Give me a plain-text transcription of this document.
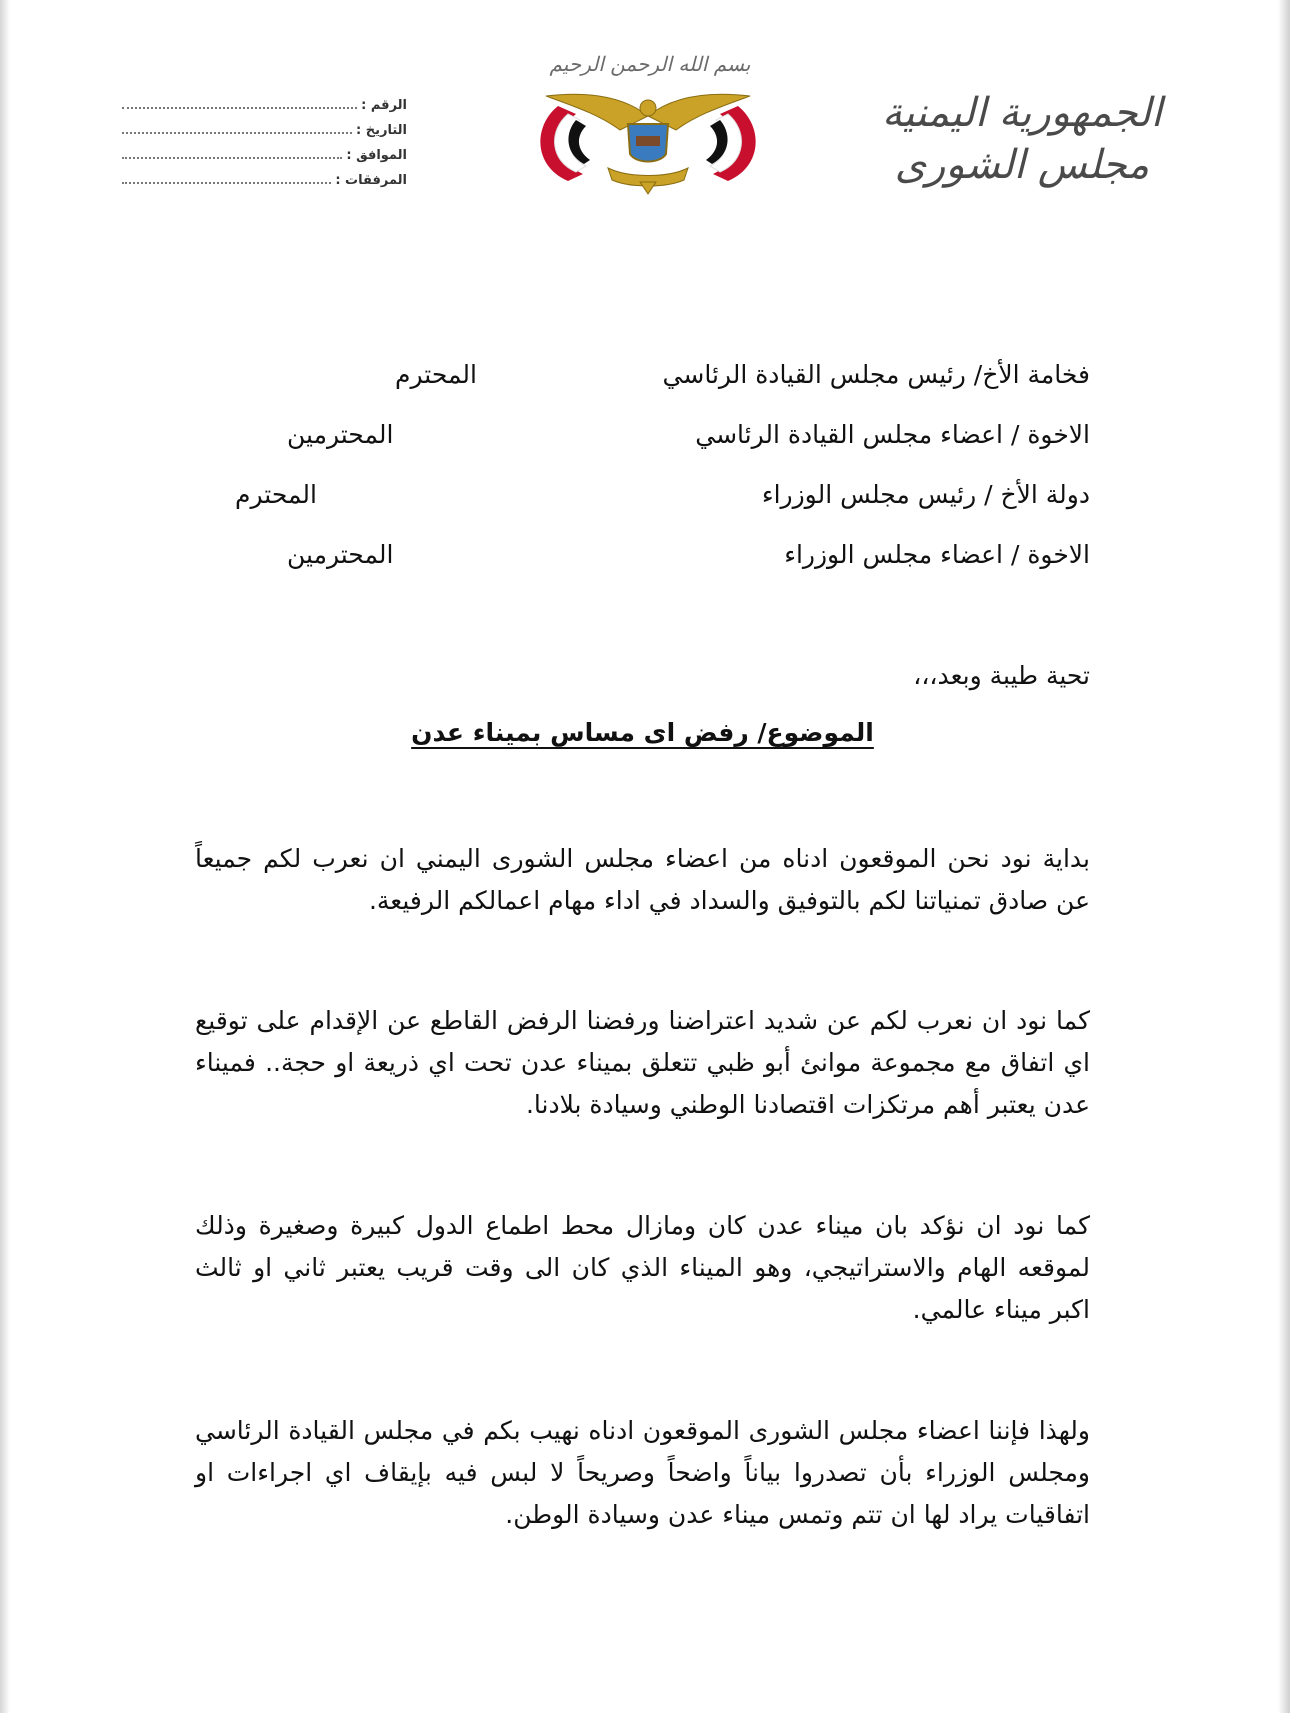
بسم الله الرحمن الرحيم
الجمهورية اليمنية
مجلس الشورى
الرقم :
التاريخ :
الموافق :
المرفقات :
فخامة الأخ/ رئيس مجلس القيادة الرئاسي
المحترم
الاخوة / اعضاء مجلس القيادة الرئاسي
المحترمين
دولة الأخ / رئيس مجلس الوزراء
المحترم
الاخوة / اعضاء مجلس الوزراء
المحترمين
تحية طيبة وبعد،،،
الموضوع/ رفض اى مساس بميناء عدن
بداية نود نحن الموقعون ادناه من اعضاء مجلس الشورى اليمني ان نعرب لكم جميعاً عن صادق تمنياتنا لكم بالتوفيق والسداد في اداء مهام اعمالكم الرفيعة.
كما نود ان نعرب لكم عن شديد اعتراضنا ورفضنا الرفض القاطع عن الإقدام على توقيع اي اتفاق مع مجموعة موانئ أبو ظبي تتعلق بميناء عدن تحت اي ذريعة او حجة.. فميناء عدن يعتبر أهم مرتكزات اقتصادنا الوطني وسيادة بلادنا.
كما نود ان نؤكد بان ميناء عدن كان ومازال محط اطماع الدول كبيرة وصغيرة وذلك لموقعه الهام والاستراتيجي، وهو الميناء الذي كان الى وقت قريب يعتبر ثاني او ثالث اكبر ميناء عالمي.
ولهذا فإننا اعضاء مجلس الشورى الموقعون ادناه نهيب بكم في مجلس القيادة الرئاسي ومجلس الوزراء بأن تصدروا بياناً واضحاً وصريحاً لا لبس فيه بإيقاف اي اجراءات او اتفاقيات يراد لها ان تتم وتمس ميناء عدن وسيادة الوطن.
